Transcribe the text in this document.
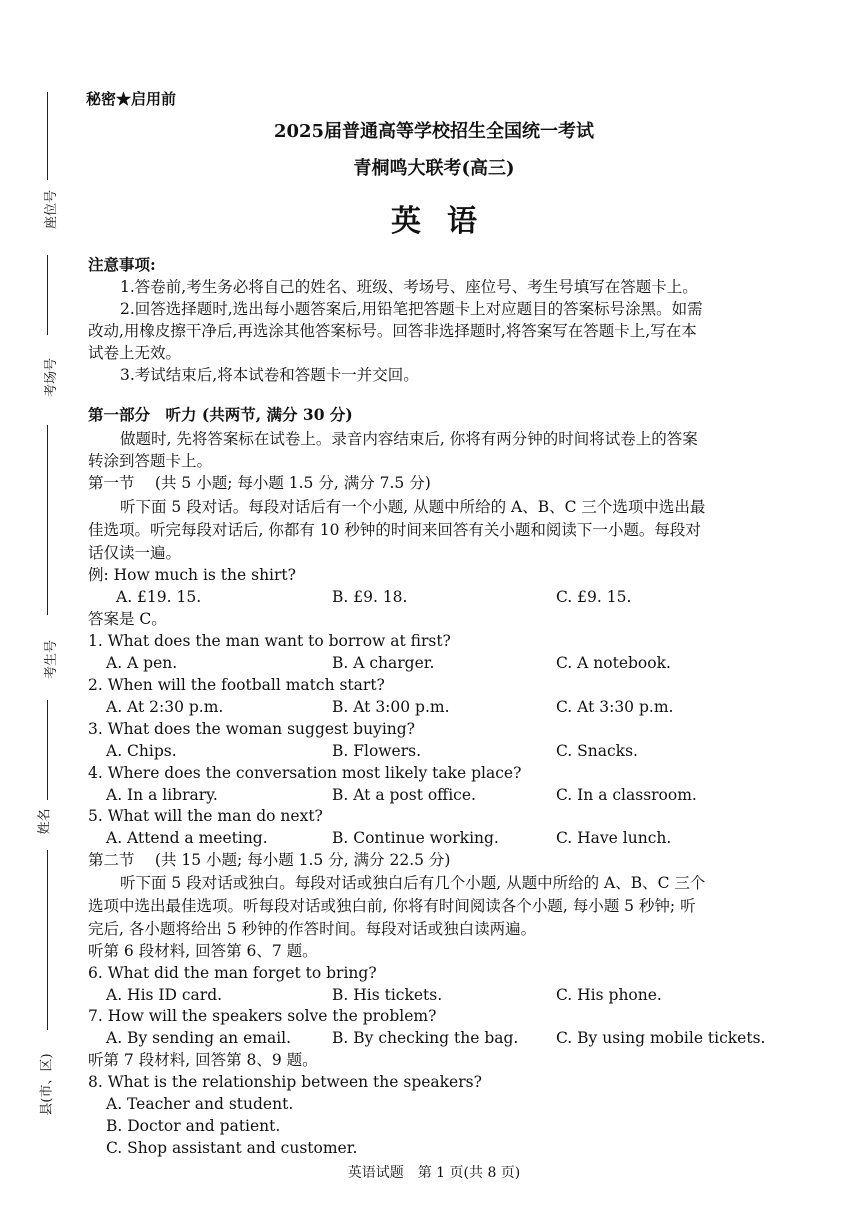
座位号
考场号
考生号
姓名
县(市、区)
秘密★启用前
2025届普通高等学校招生全国统一考试
青桐鸣大联考(高三)
英语
注意事项:
1.答卷前,考生务必将自己的姓名、班级、考场号、座位号、考生号填写在答题卡上。
2.回答选择题时,选出每小题答案后,用铅笔把答题卡上对应题目的答案标号涂黑。如需
改动,用橡皮擦干净后,再选涂其他答案标号。回答非选择题时,将答案写在答题卡上,写在本
试卷上无效。
3.考试结束后,将本试卷和答题卡一并交回。
第一部分　听力 (共两节, 满分 30 分)
做题时, 先将答案标在试卷上。录音内容结束后, 你将有两分钟的时间将试卷上的答案
转涂到答题卡上。
第一节　 (共 5 小题; 每小题 1.5 分, 满分 7.5 分)
听下面 5 段对话。每段对话后有一个小题, 从题中所给的 A、B、C 三个选项中选出最
佳选项。听完每段对话后, 你都有 10 秒钟的时间来回答有关小题和阅读下一小题。每段对
话仅读一遍。
例: How much is the shirt?
A. £19. 15.	B. £9. 18.	C. £9. 15.
答案是 C。
1. What does the man want to borrow at first?
A. A pen.	B. A charger.	C. A notebook.
2. When will the football match start?
A. At 2:30 p.m.	B. At 3:00 p.m.	C. At 3:30 p.m.
3. What does the woman suggest buying?
A. Chips.	B. Flowers.	C. Snacks.
4. Where does the conversation most likely take place?
A. In a library.	B. At a post office.	C. In a classroom.
5. What will the man do next?
A. Attend a meeting.	B. Continue working.	C. Have lunch.
第二节　 (共 15 小题; 每小题 1.5 分, 满分 22.5 分)
听下面 5 段对话或独白。每段对话或独白后有几个小题, 从题中所给的 A、B、C 三个
选项中选出最佳选项。听每段对话或独白前, 你将有时间阅读各个小题, 每小题 5 秒钟; 听
完后, 各小题将给出 5 秒钟的作答时间。每段对话或独白读两遍。
听第 6 段材料, 回答第 6、7 题。
6. What did the man forget to bring?
A. His ID card.	B. His tickets.	C. His phone.
7. How will the speakers solve the problem?
A. By sending an email.	B. By checking the bag. C. By using mobile tickets.
听第 7 段材料, 回答第 8、9 题。
8. What is the relationship between the speakers?
A. Teacher and student.
B. Doctor and patient.
C. Shop assistant and customer.
英语试题　第 1 页(共 8 页)
